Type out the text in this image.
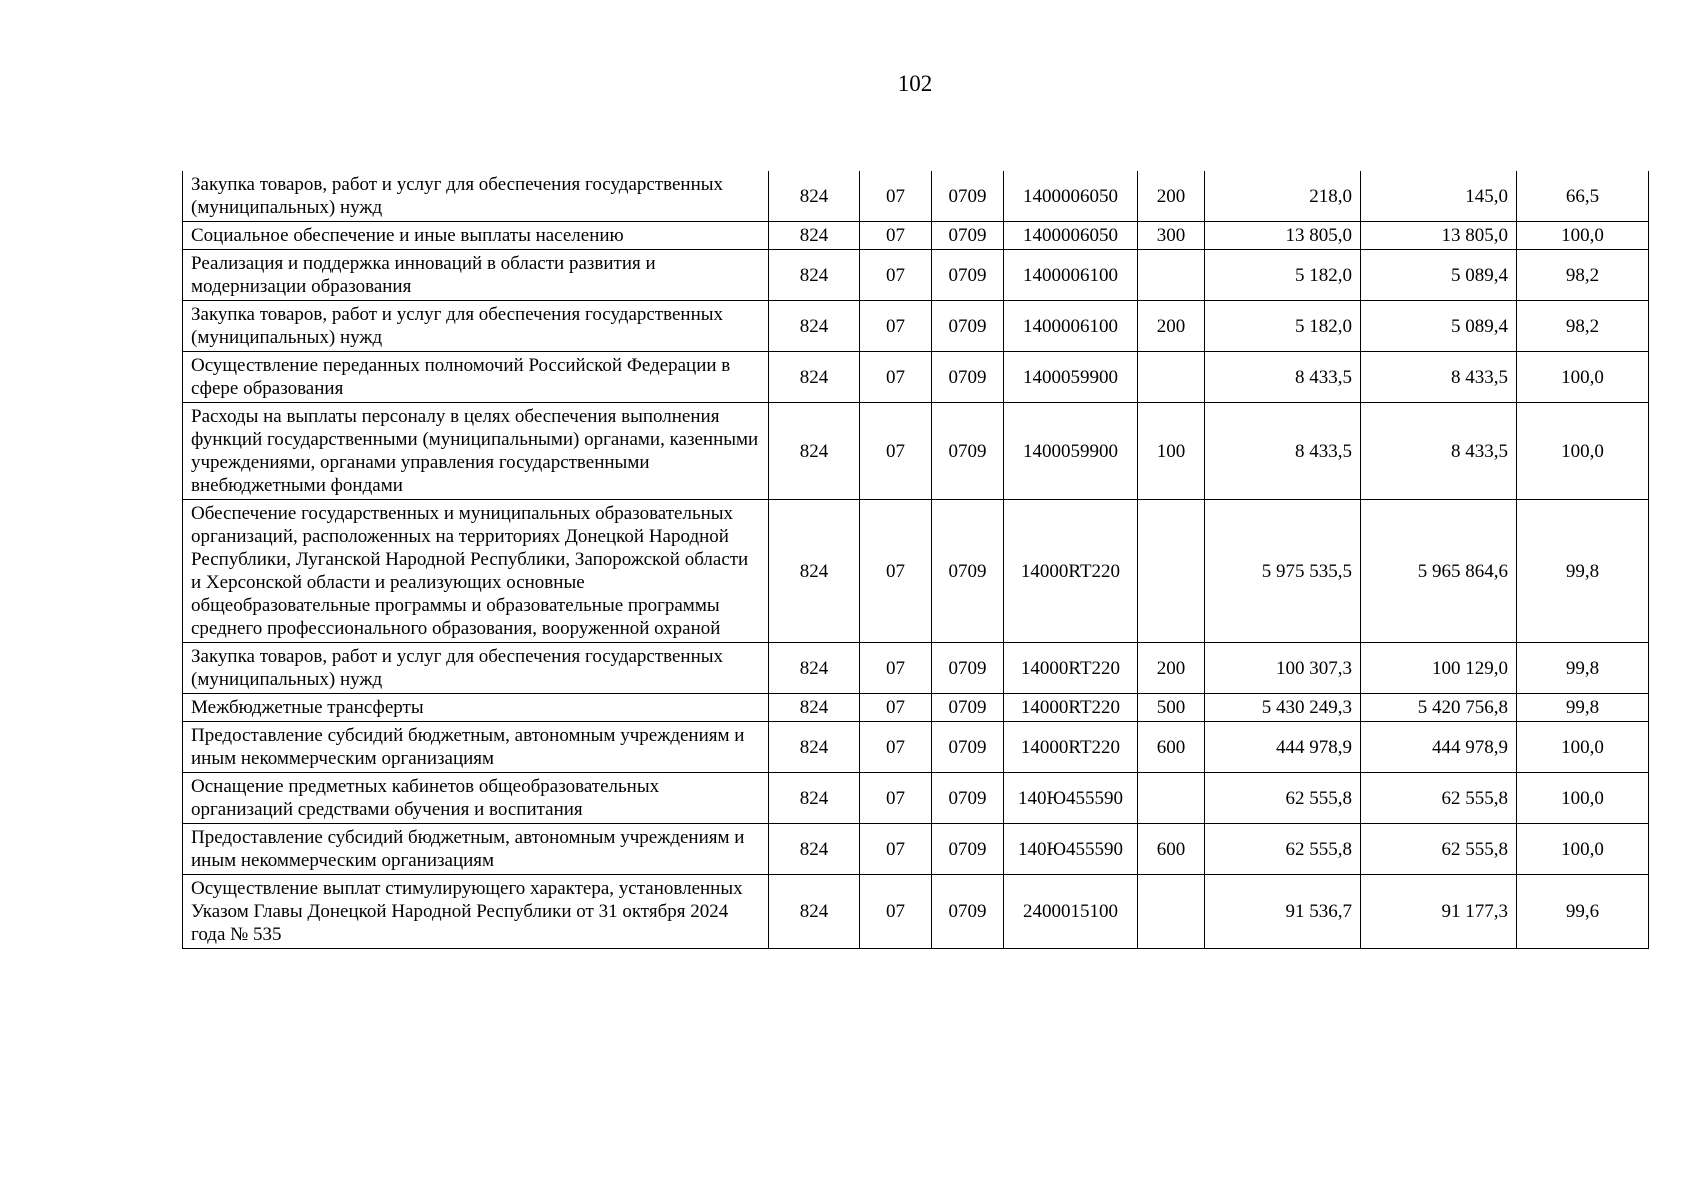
102
Закупка товаров, работ и услуг для обеспечения государственных (муниципальных) нужд	824	07	0709	1400006050	200	218,0	145,0	66,5
Социальное обеспечение и иные выплаты населению	824	07	0709	1400006050	300	13 805,0	13 805,0	100,0
Реализация и поддержка инноваций в области развития и модернизации образования	824	07	0709	1400006100		5 182,0	5 089,4	98,2
Закупка товаров, работ и услуг для обеспечения государственных (муниципальных) нужд	824	07	0709	1400006100	200	5 182,0	5 089,4	98,2
Осуществление переданных полномочий Российской Федерации в сфере образования	824	07	0709	1400059900		8 433,5	8 433,5	100,0
Расходы на выплаты персоналу в целях обеспечения выполнения функций государственными (муниципальными) органами, казенными учреждениями, органами управления государственными внебюджетными фондами	824	07	0709	1400059900	100	8 433,5	8 433,5	100,0
Обеспечение государственных и муниципальных образовательных организаций, расположенных на территориях Донецкой Народной Республики, Луганской Народной Республики, Запорожской области и Херсонской области и реализующих основные общеобразовательные программы и образовательные программы среднего профессионального образования, вооруженной охраной	824	07	0709	14000RT220		5 975 535,5	5 965 864,6	99,8
Закупка товаров, работ и услуг для обеспечения государственных (муниципальных) нужд	824	07	0709	14000RT220	200	100 307,3	100 129,0	99,8
Межбюджетные трансферты	824	07	0709	14000RT220	500	5 430 249,3	5 420 756,8	99,8
Предоставление субсидий бюджетным, автономным учреждениям и иным некоммерческим организациям	824	07	0709	14000RT220	600	444 978,9	444 978,9	100,0
Оснащение предметных кабинетов общеобразовательных организаций средствами обучения и воспитания	824	07	0709	140Ю455590		62 555,8	62 555,8	100,0
Предоставление субсидий бюджетным, автономным учреждениям и иным некоммерческим организациям	824	07	0709	140Ю455590	600	62 555,8	62 555,8	100,0
Осуществление выплат стимулирующего характера, установленных Указом Главы Донецкой Народной Республики от 31 октября 2024 года № 535	824	07	0709	2400015100		91 536,7	91 177,3	99,6
